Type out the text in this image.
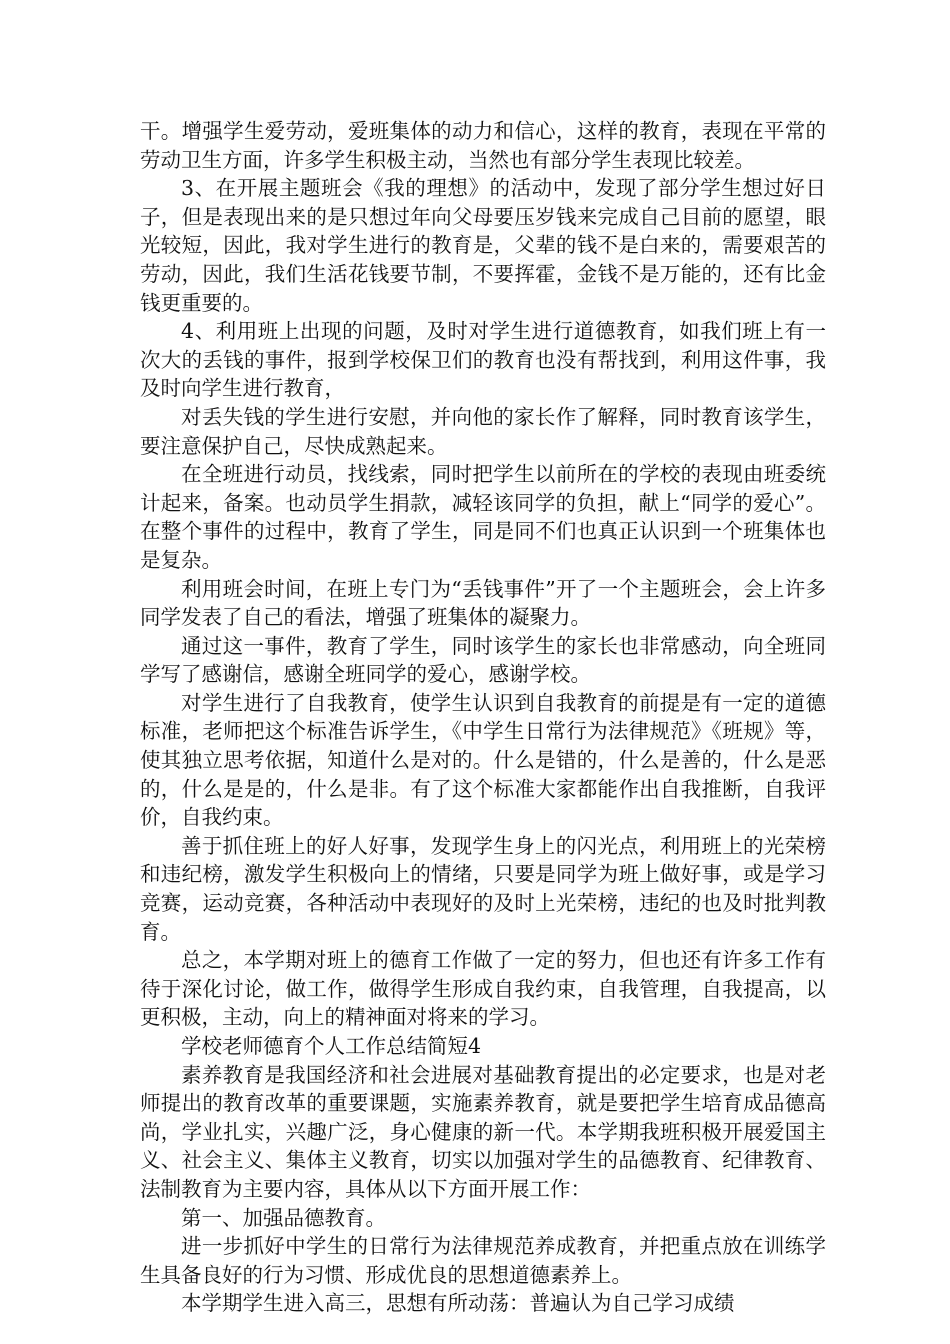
干。增强学生爱劳动，爱班集体的动力和信心，这样的教育，表现在平常的劳动卫生方面，许多学生积极主动，当然也有部分学生表现比较差。

3、在开展主题班会《我的理想》的活动中，发现了部分学生想过好日子，但是表现出来的是只想过年向父母要压岁钱来完成自己目前的愿望，眼光较短，因此，我对学生进行的教育是，父辈的钱不是白来的，需要艰苦的劳动，因此，我们生活花钱要节制，不要挥霍，金钱不是万能的，还有比金钱更重要的。

4、利用班上出现的问题，及时对学生进行道德教育，如我们班上有一次大的丢钱的事件，报到学校保卫们的教育也没有帮找到，利用这件事，我及时向学生进行教育，

对丢失钱的学生进行安慰，并向他的家长作了解释，同时教育该学生，要注意保护自己，尽快成熟起来。

在全班进行动员，找线索，同时把学生以前所在的学校的表现由班委统计起来，备案。也动员学生捐款，减轻该同学的负担，献上“同学的爱心”。在整个事件的过程中，教育了学生，同是同不们也真正认识到一个班集体也是复杂。

利用班会时间，在班上专门为“丢钱事件”开了一个主题班会，会上许多同学发表了自己的看法，增强了班集体的凝聚力。

通过这一事件，教育了学生，同时该学生的家长也非常感动，向全班同学写了感谢信，感谢全班同学的爱心，感谢学校。

对学生进行了自我教育，使学生认识到自我教育的前提是有一定的道德标准，老师把这个标准告诉学生，《中学生日常行为法律规范》《班规》等，使其独立思考依据，知道什么是对的。什么是错的，什么是善的，什么是恶的，什么是是的，什么是非。有了这个标准大家都能作出自我推断，自我评价，自我约束。

善于抓住班上的好人好事，发现学生身上的闪光点，利用班上的光荣榜和违纪榜，激发学生积极向上的情绪，只要是同学为班上做好事，或是学习竞赛，运动竞赛，各种活动中表现好的及时上光荣榜，违纪的也及时批判教育。

总之，本学期对班上的德育工作做了一定的努力，但也还有许多工作有待于深化讨论，做工作，做得学生形成自我约束，自我管理，自我提高，以更积极，主动，向上的精神面对将来的学习。

学校老师德育个人工作总结简短4

素养教育是我国经济和社会进展对基础教育提出的必定要求，也是对老师提出的教育改革的重要课题，实施素养教育，就是要把学生培育成品德高尚，学业扎实，兴趣广泛，身心健康的新一代。本学期我班积极开展爱国主义、社会主义、集体主义教育，切实以加强对学生的品德教育、纪律教育、法制教育为主要内容，具体从以下方面开展工作：

第一、加强品德教育。

进一步抓好中学生的日常行为法律规范养成教育，并把重点放在训练学生具备良好的行为习惯、形成优良的思想道德素养上。

本学期学生进入高三，思想有所动荡：普遍认为自己学习成绩
